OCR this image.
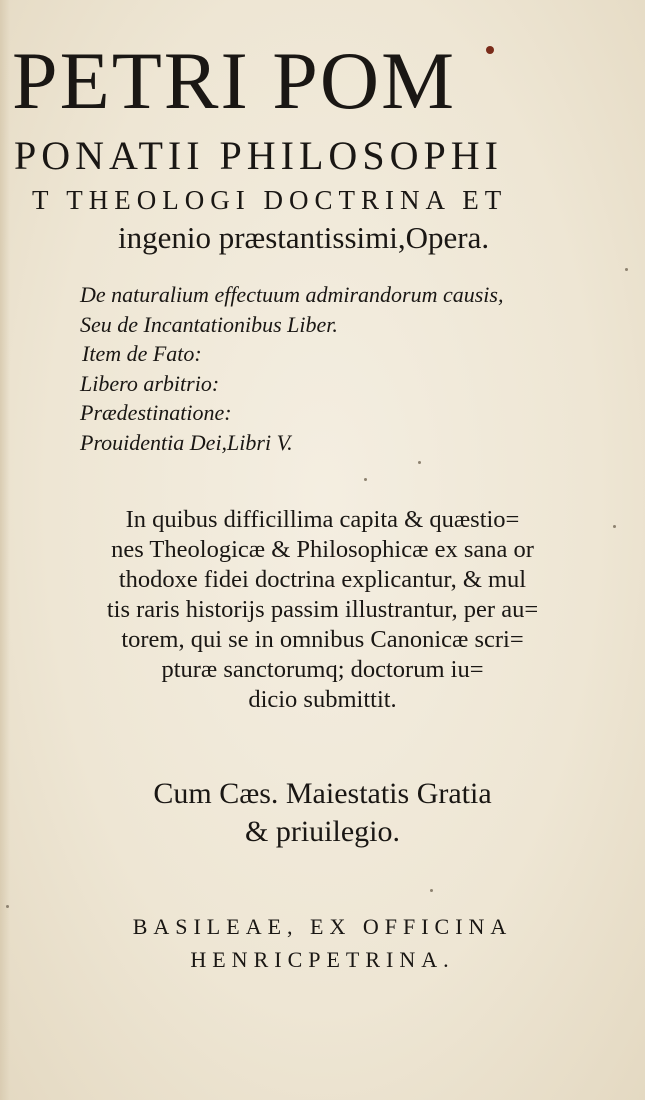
PETRI POM
PONATII PHILOSOPHI
T THEOLOGI DOCTRINA ET
ingenio præstantissimi,Opera.
De naturalium effectuum admirandorum causis,
Seu de Incantationibus Liber.
Item de Fato:
Libero arbitrio:
Prædestinatione:
Prouidentia Dei,Libri V.
In quibus difficillima capita & quæstio=
nes Theologicæ & Philosophicæ ex sana or
thodoxe fidei doctrina explicantur, & mul
tis raris historijs passim illustrantur, per au=
torem, qui se in omnibus Canonicæ scri=
pturæ sanctorumq; doctorum iu=
dicio submittit.
Cum Cæs. Maiestatis Gratia
& priuilegio.
BASILEAE, EX OFFICINA
HENRICPETRINA.
